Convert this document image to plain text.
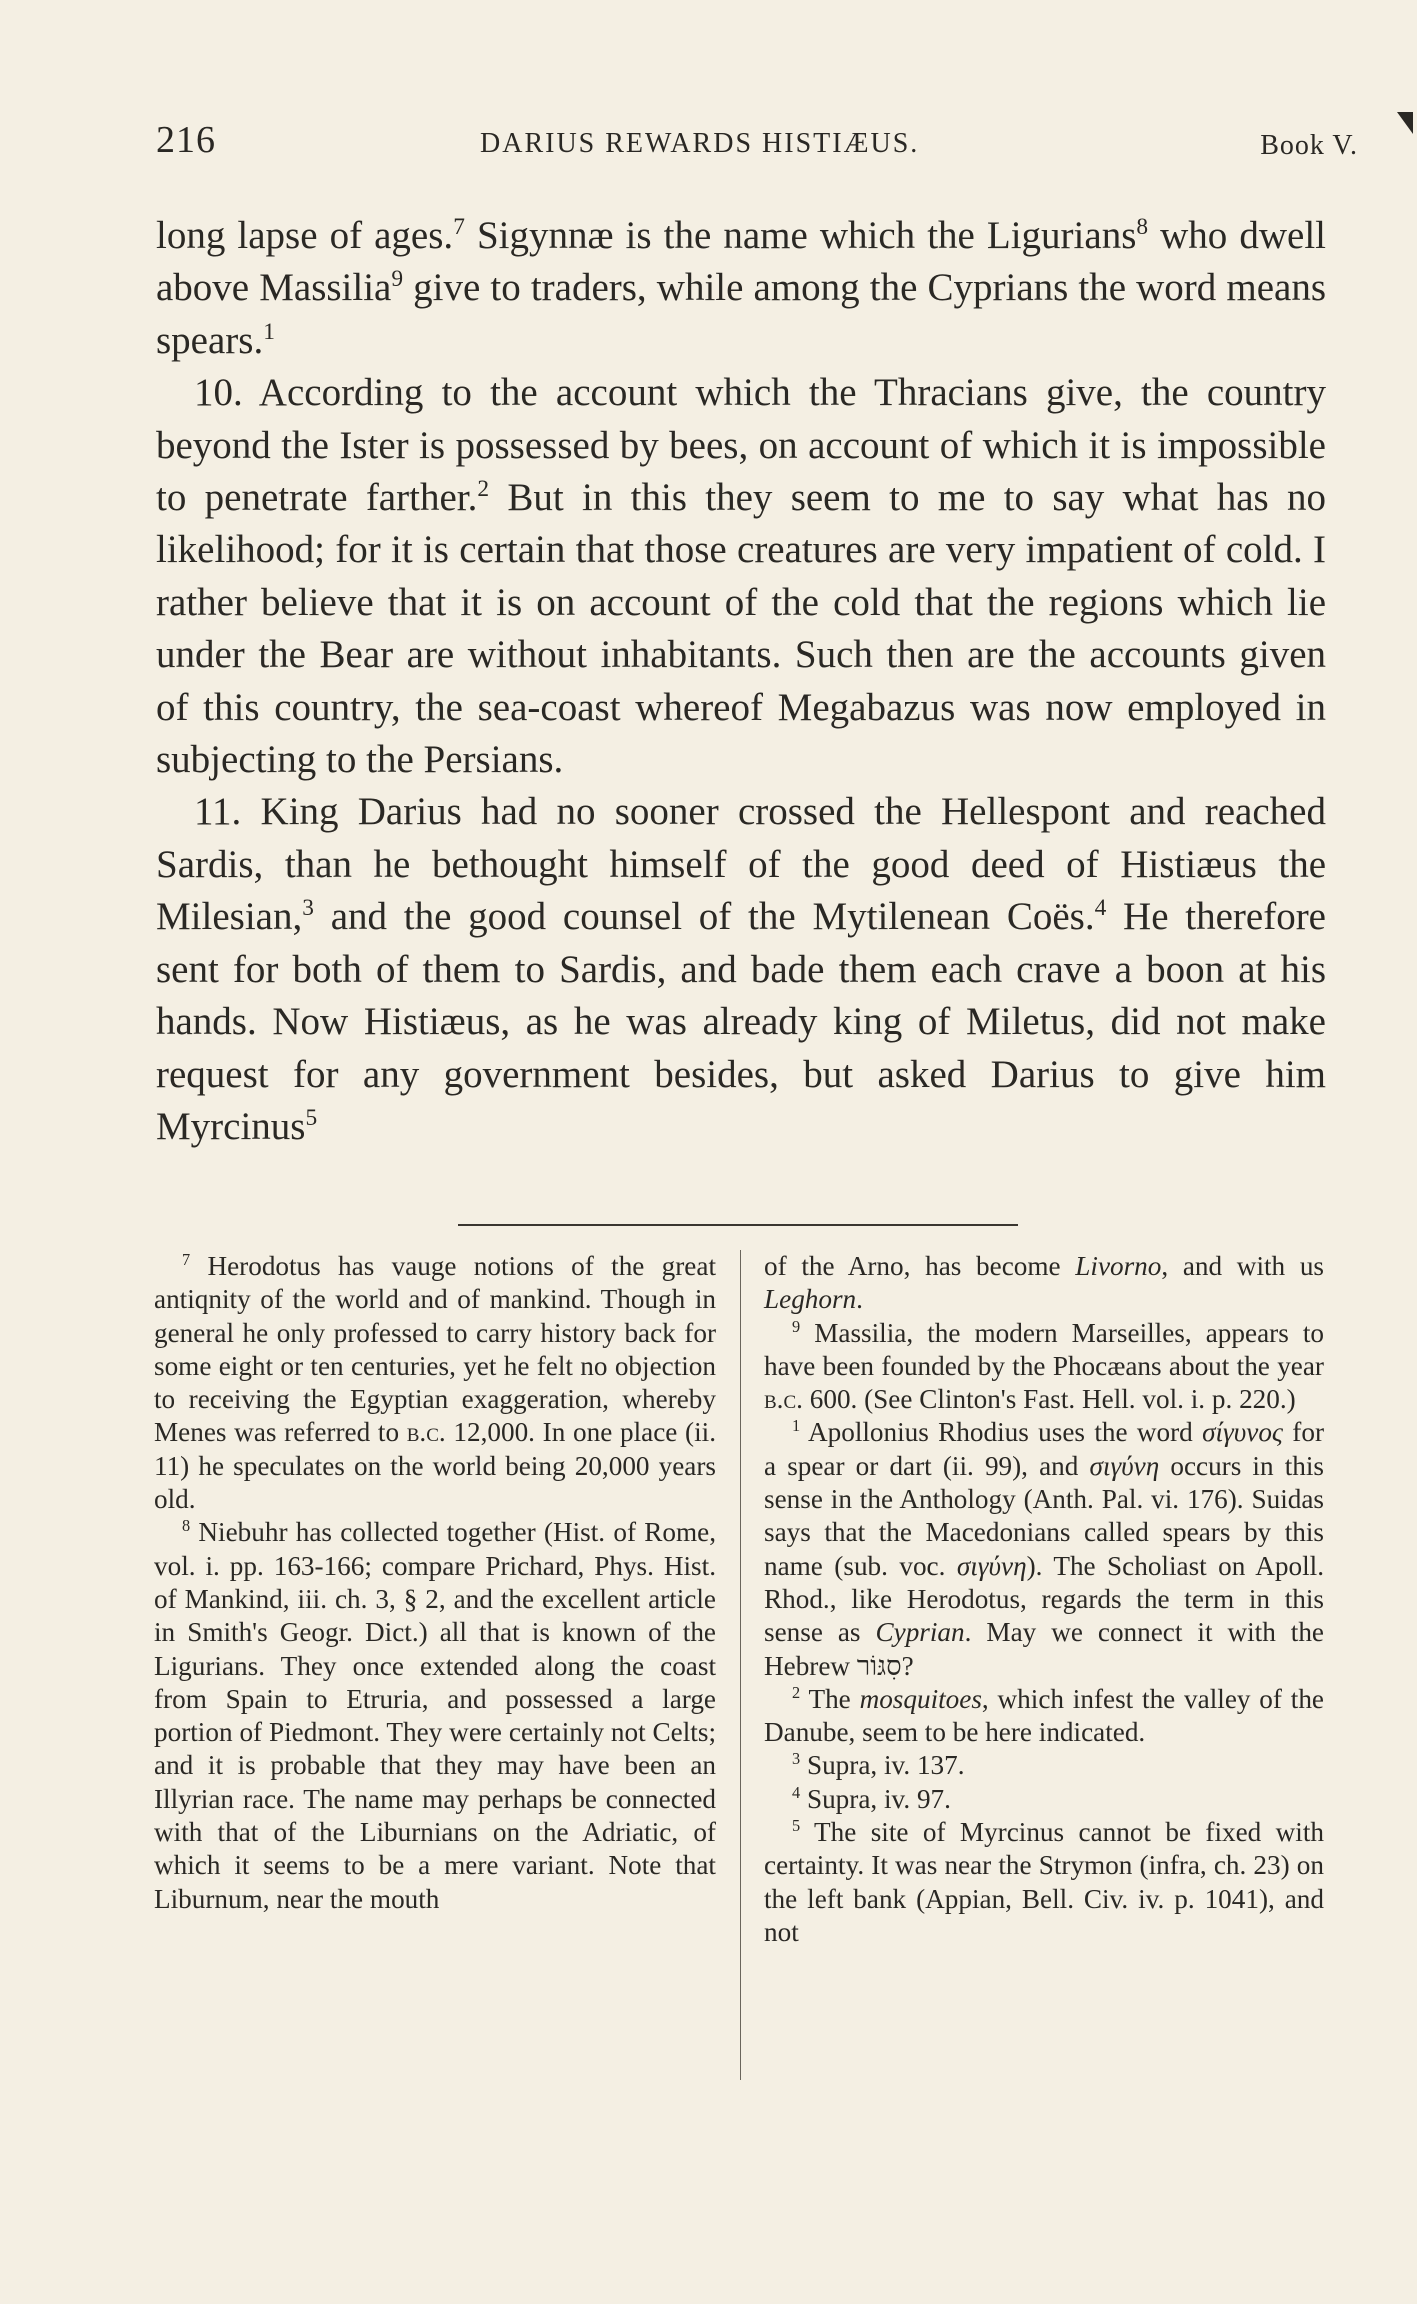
216	DARIUS REWARDS HISTIÆUS.	Book V.

long lapse of ages.$^7$ Sigynnæ is the name which the Ligurians$^8$ who dwell above Massilia$^9$ give to traders, while among the Cyprians the word means spears.$^1$

10. According to the account which the Thracians give, the country beyond the Ister is possessed by bees, on account of which it is impossible to penetrate farther.$^2$ But in this they seem to me to say what has no likelihood; for it is certain that those creatures are very impatient of cold. I rather believe that it is on account of the cold that the regions which lie under the Bear are without inhabitants. Such then are the accounts given of this country, the sea-coast whereof Megabazus was now employed in subjecting to the Persians.

11. King Darius had no sooner crossed the Hellespont and reached Sardis, than he bethought himself of the good deed of Histiæus the Milesian,$^3$ and the good counsel of the Mytilenean Coës.$^4$ He therefore sent for both of them to Sardis, and bade them each crave a boon at his hands. Now Histiæus, as he was already king of Miletus, did not make request for any government besides, but asked Darius to give him Myrcinus$^5$

$^7$ Herodotus has vauge notions of the great antiqnity of the world and of mankind. Though in general he only professed to carry history back for some eight or ten centuries, yet he felt no objection to receiving the Egyptian exaggeration, whereby Menes was referred to b.c. 12,000. In one place (ii. 11) he speculates on the world being 20,000 years old.

$^8$ Niebuhr has collected together (Hist. of Rome, vol. i. pp. 163-166; compare Prichard, Phys. Hist. of Mankind, iii. ch. 3, § 2, and the excellent article in Smith's Geogr. Dict.) all that is known of the Ligurians. They once extended along the coast from Spain to Etruria, and possessed a large portion of Piedmont. They were certainly not Celts; and it is probable that they may have been an Illyrian race. The name may perhaps be connected with that of the Liburnians on the Adriatic, of which it seems to be a mere variant. Note that Liburnum, near the mouth

of the Arno, has become Livorno, and with us Leghorn.

$^9$ Massilia, the modern Marseilles, appears to have been founded by the Phocæans about the year b.c. 600. (See Clinton's Fast. Hell. vol. i. p. 220.)

$^1$ Apollonius Rhodius uses the word σίγυνος for a spear or dart (ii. 99), and σιγύνη occurs in this sense in the Anthology (Anth. Pal. vi. 176). Suidas says that the Macedonians called spears by this name (sub. voc. σιγύνη). The Scholiast on Apoll. Rhod., like Herodotus, regards the term in this sense as Cyprian. May we connect it with the Hebrew סִגּוֹר?

$^2$ The mosquitoes, which infest the valley of the Danube, seem to be here indicated.

$^3$ Supra, iv. 137.

$^4$ Supra, iv. 97.

$^5$ The site of Myrcinus cannot be fixed with certainty. It was near the Strymon (infra, ch. 23) on the left bank (Appian, Bell. Civ. iv. p. 1041), and not
